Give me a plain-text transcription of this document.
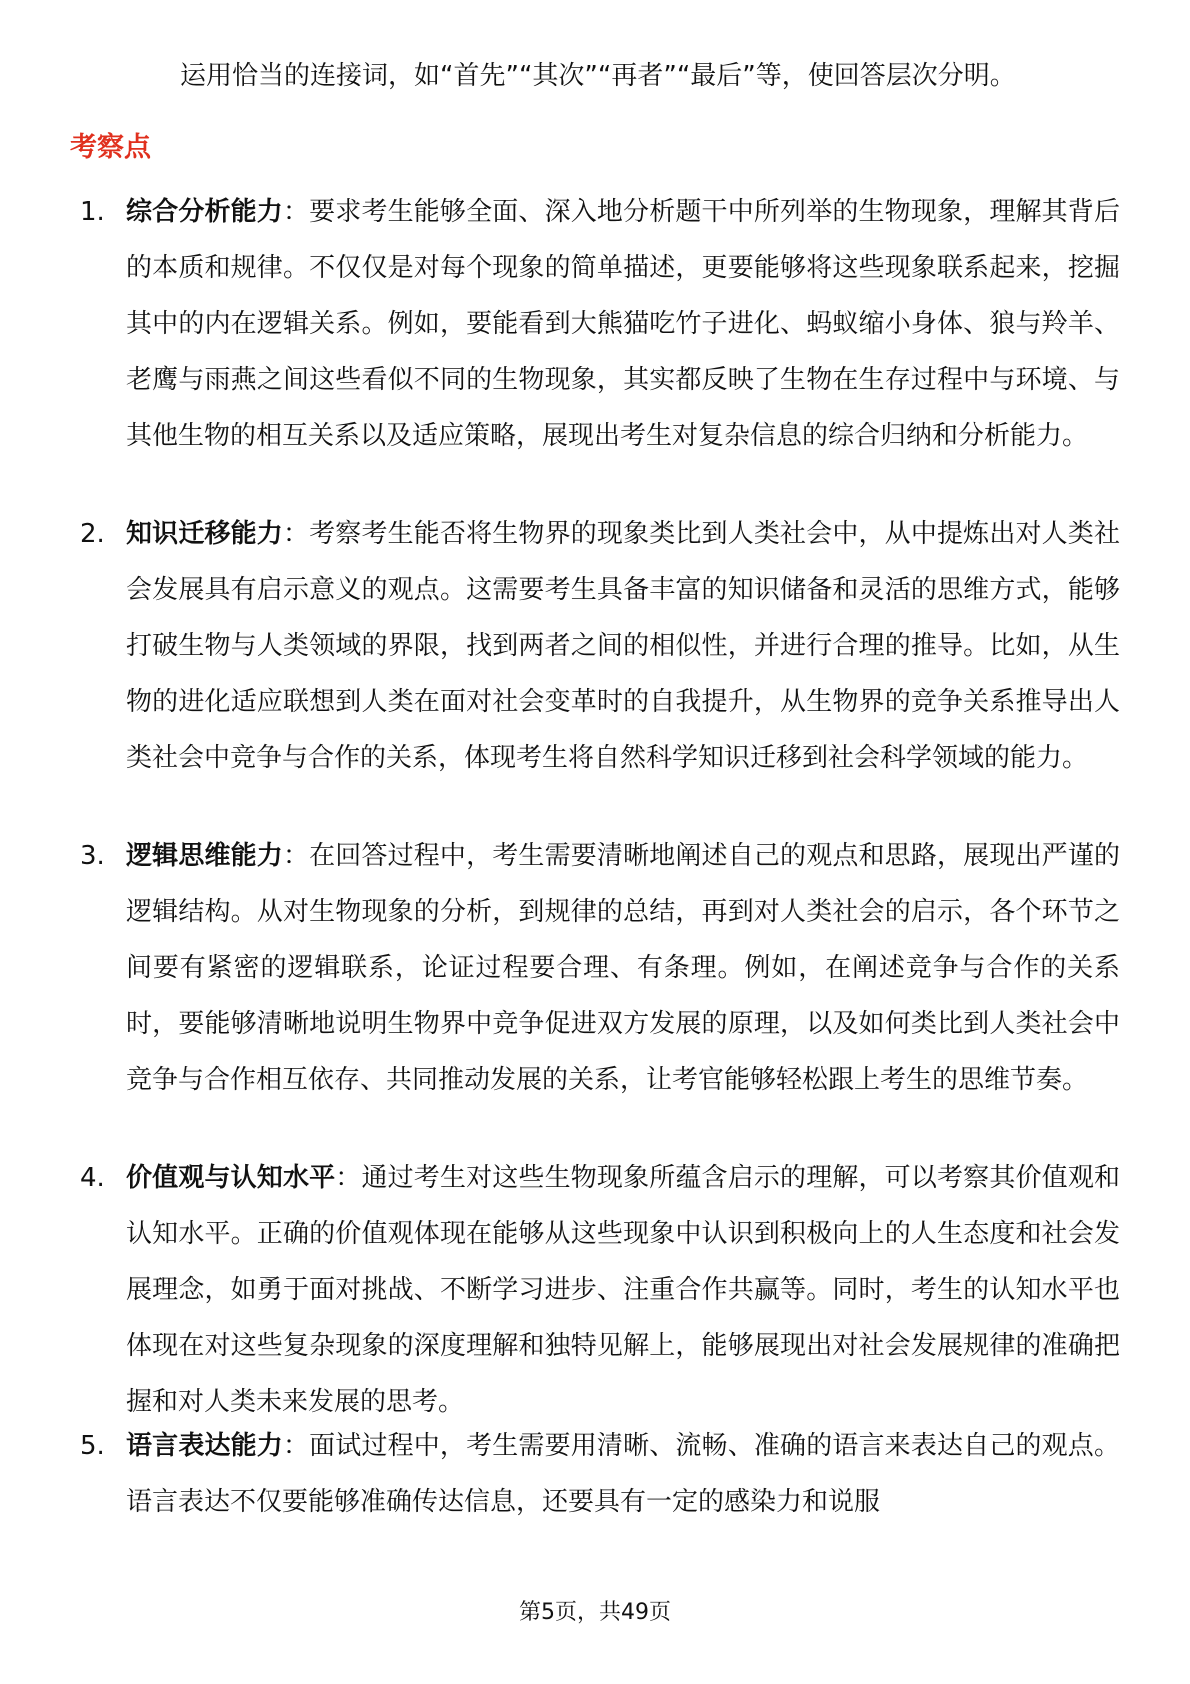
运用恰当的连接词，如“首先”“其次”“再者”“最后”等，使回答层次分明。
考察点
1. 综合分析能力：要求考生能够全面、深入地分析题干中所列举的生物现象，理解其背后的本质和规律。不仅仅是对每个现象的简单描述，更要能够将这些现象联系起来，挖掘其中的内在逻辑关系。例如，要能看到大熊猫吃竹子进化、蚂蚁缩小身体、狼与羚羊、老鹰与雨燕之间这些看似不同的生物现象，其实都反映了生物在生存过程中与环境、与其他生物的相互关系以及适应策略，展现出考生对复杂信息的综合归纳和分析能力。
2. 知识迁移能力：考察考生能否将生物界的现象类比到人类社会中，从中提炼出对人类社会发展具有启示意义的观点。这需要考生具备丰富的知识储备和灵活的思维方式，能够打破生物与人类领域的界限，找到两者之间的相似性，并进行合理的推导。比如，从生物的进化适应联想到人类在面对社会变革时的自我提升，从生物界的竞争关系推导出人类社会中竞争与合作的关系，体现考生将自然科学知识迁移到社会科学领域的能力。
3. 逻辑思维能力：在回答过程中，考生需要清晰地阐述自己的观点和思路，展现出严谨的逻辑结构。从对生物现象的分析，到规律的总结，再到对人类社会的启示，各个环节之间要有紧密的逻辑联系，论证过程要合理、有条理。例如，在阐述竞争与合作的关系时，要能够清晰地说明生物界中竞争促进双方发展的原理，以及如何类比到人类社会中竞争与合作相互依存、共同推动发展的关系，让考官能够轻松跟上考生的思维节奏。
4. 价值观与认知水平：通过考生对这些生物现象所蕴含启示的理解，可以考察其价值观和认知水平。正确的价值观体现在能够从这些现象中认识到积极向上的人生态度和社会发展理念，如勇于面对挑战、不断学习进步、注重合作共赢等。同时，考生的认知水平也体现在对这些复杂现象的深度理解和独特见解上，能够展现出对社会发展规律的准确把握和对人类未来发展的思考。
5. 语言表达能力：面试过程中，考生需要用清晰、流畅、准确的语言来表达自己的观点。语言表达不仅要能够准确传达信息，还要具有一定的感染力和说服
第5页，共49页
